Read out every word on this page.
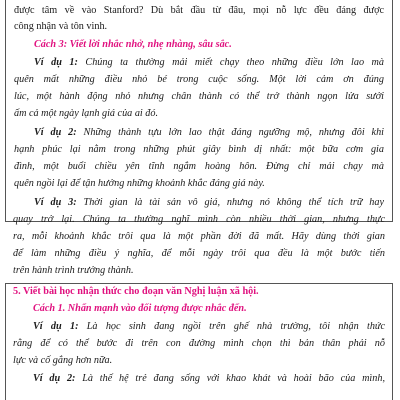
được tâm về vào Stanford? Dù bắt đầu từ đâu, mọi nỗ lực đều đáng được
công nhận và tôn vinh.
Cách 3: Viết lời nhắc nhở, nhẹ nhàng, sâu sắc.
Ví dụ 1: Chúng ta thường mải miết chạy theo những điều lớn lao mà
quên mất những điều nhỏ bé trong cuộc sống. Một lời cảm ơn đúng
lúc, một hành động nhỏ nhưng chân thành có thể trở thành ngọn lửa sưởi
ấm cả một ngày lạnh giá của ai đó.
Ví dụ 2: Những thành tựu lớn lao thật đáng ngưỡng mộ, nhưng đôi khi
hạnh phúc lại nằm trong những phút giây bình dị nhất: một bữa cơm gia
đình, một buổi chiều yên tĩnh ngắm hoàng hôn. Đừng chỉ mải chạy mà
quên ngồi lại để tận hưởng những khoảnh khắc đáng giá này.
Ví dụ 3: Thời gian là tài sản vô giá, nhưng nó không thể tích trữ hay
quay trở lại. Chúng ta thường nghĩ mình còn nhiều thời gian, nhưng thực
ra, mỗi khoảnh khắc trôi qua là một phần đời đã mất. Hãy dùng thời gian
để làm những điều ý nghĩa, để mỗi ngày trôi qua đều là một bước tiến
trên hành trình trưởng thành.
5. Viết bài học nhận thức cho đoạn văn Nghị luận xã hội.
Cách 1. Nhấn mạnh vào đối tượng được nhắc đến.
Ví dụ 1: Là học sinh đang ngồi trên ghế nhà trường, tôi nhận thức
rằng để có thể bước đi trên con đường mình chọn thì bản thân phải nỗ
lực và cố gắng hơn nữa.
Ví dụ 2: Là thế hệ trẻ đang sống với khao khát và hoài bão của mình,
